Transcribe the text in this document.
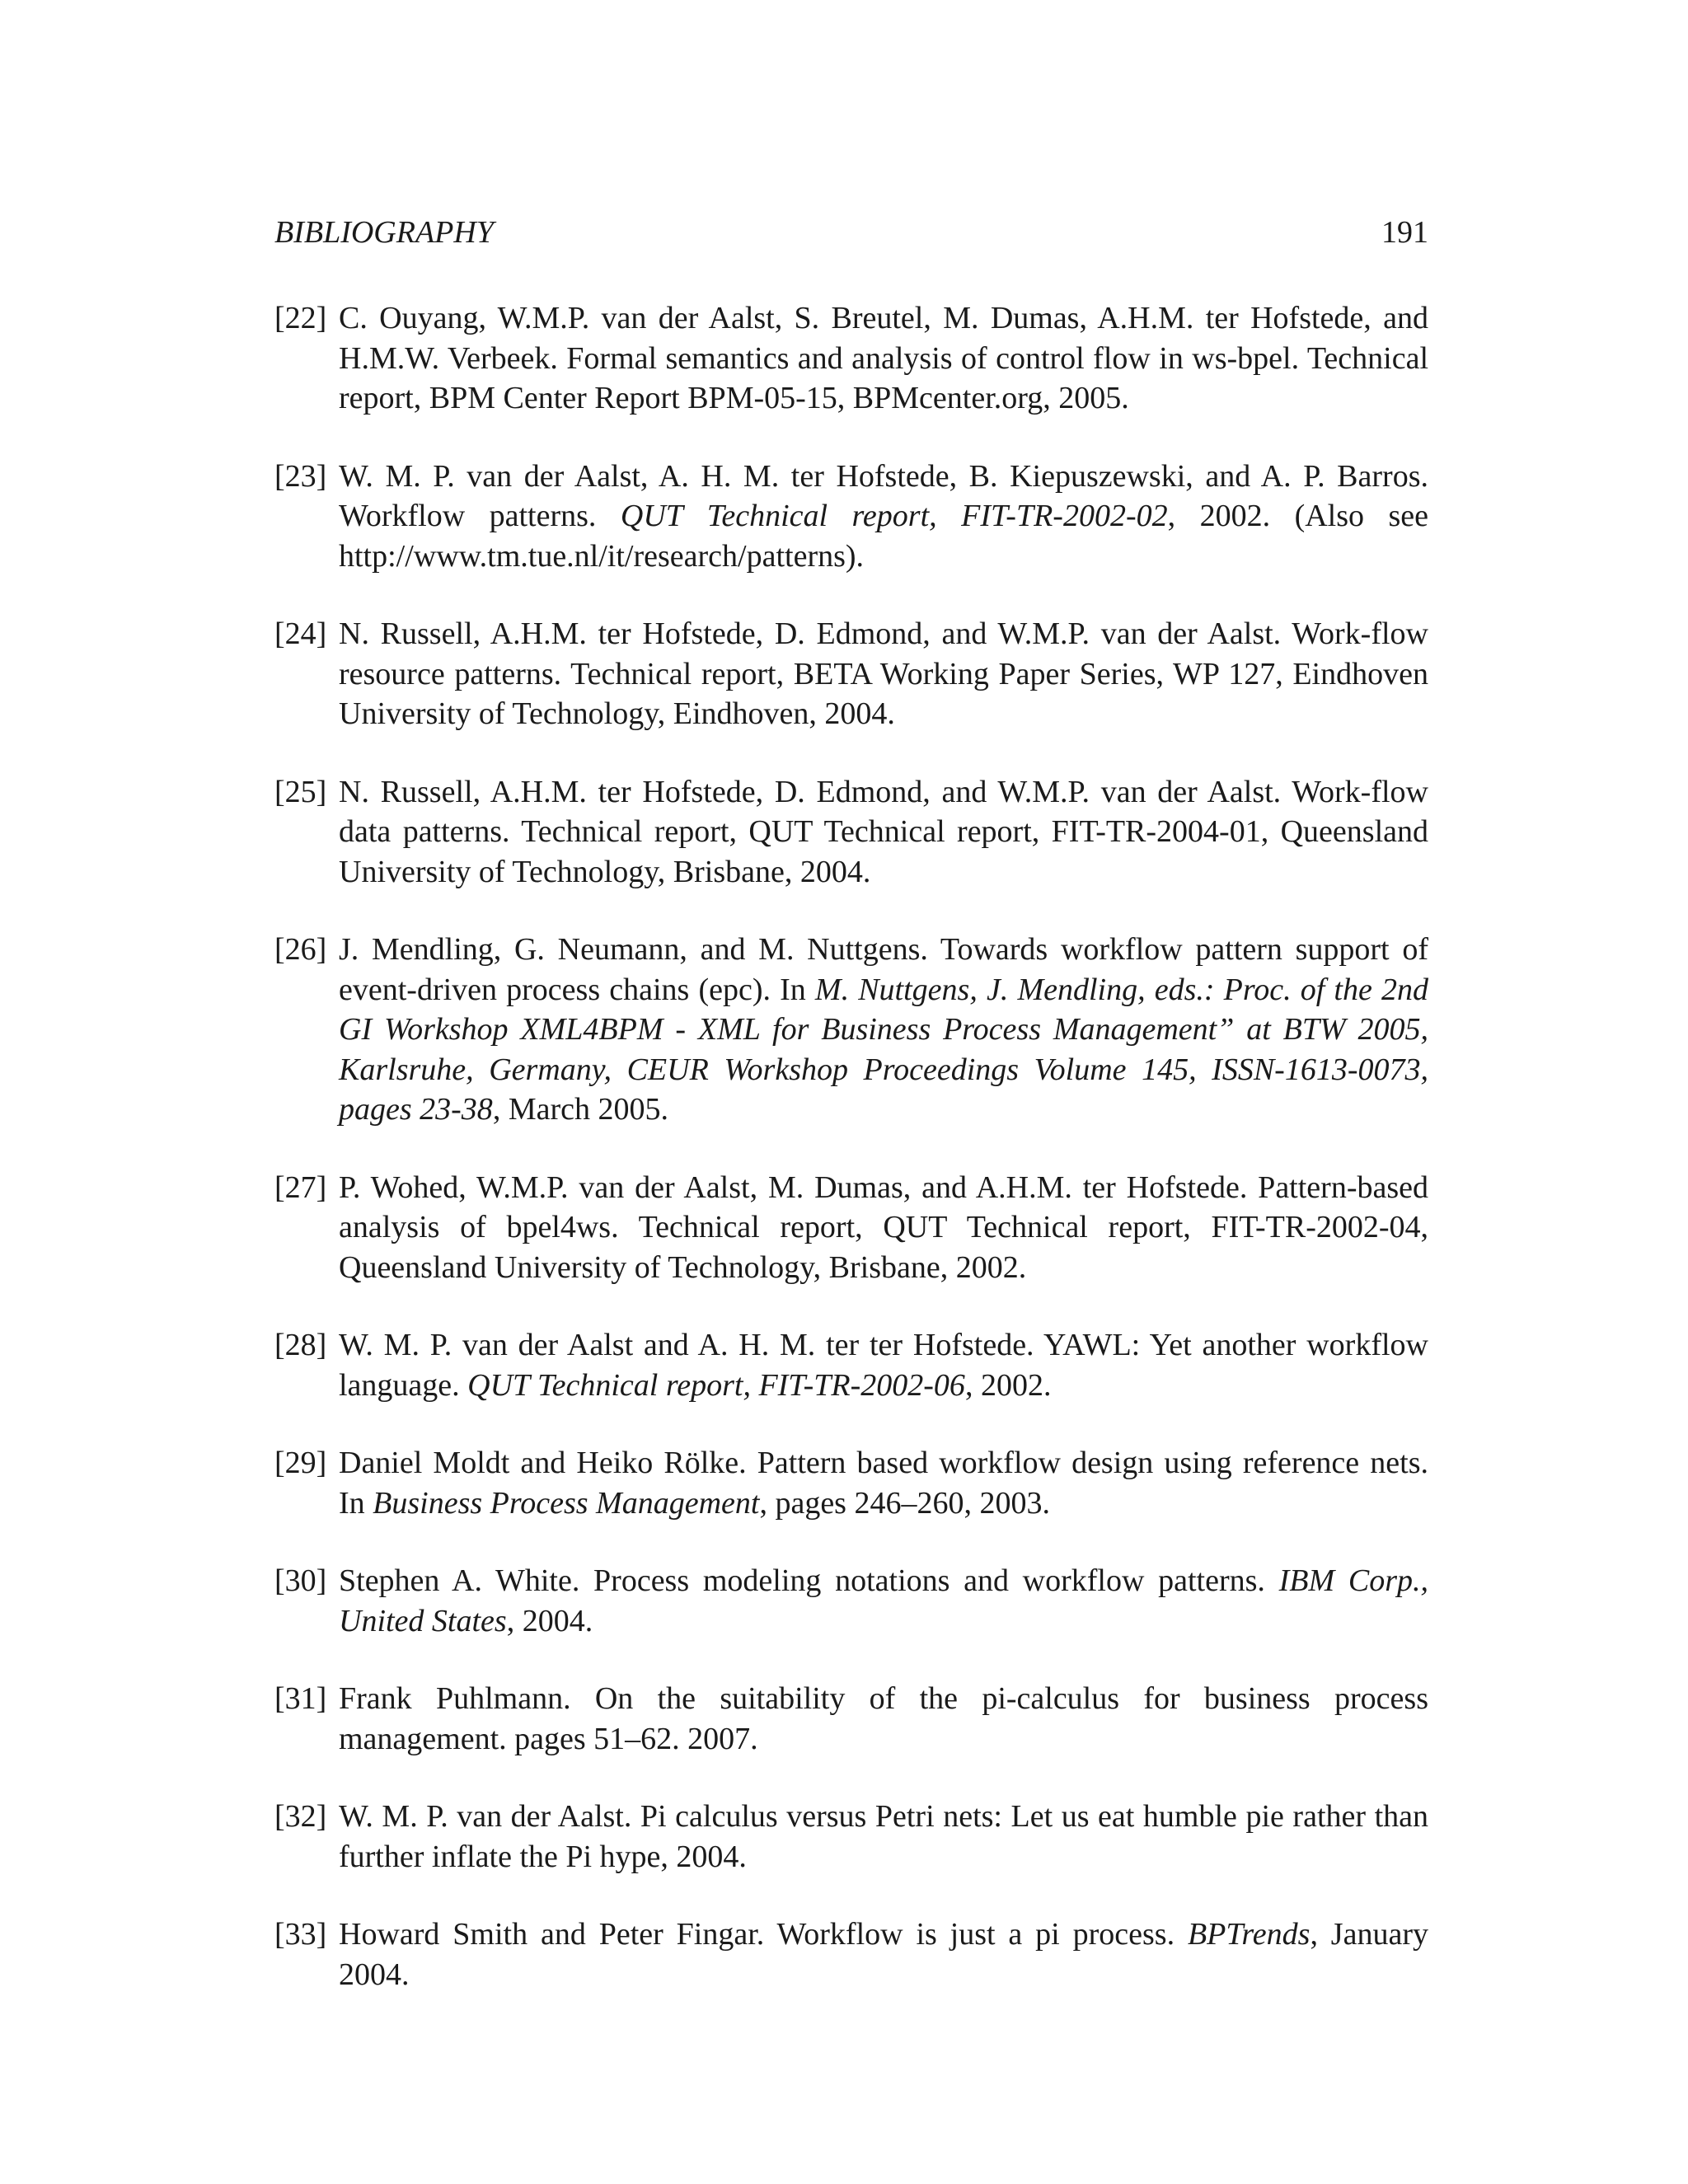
BIBLIOGRAPHY	191
[22] C. Ouyang, W.M.P. van der Aalst, S. Breutel, M. Dumas, A.H.M. ter Hofstede, and H.M.W. Verbeek. Formal semantics and analysis of control flow in ws-bpel. Technical report, BPM Center Report BPM-05-15, BPMcenter.org, 2005.
[23] W. M. P. van der Aalst, A. H. M. ter Hofstede, B. Kiepuszewski, and A. P. Barros. Workflow patterns. QUT Technical report, FIT-TR-2002-02, 2002. (Also see http://www.tm.tue.nl/it/research/patterns).
[24] N. Russell, A.H.M. ter Hofstede, D. Edmond, and W.M.P. van der Aalst. Work-flow resource patterns. Technical report, BETA Working Paper Series, WP 127, Eindhoven University of Technology, Eindhoven, 2004.
[25] N. Russell, A.H.M. ter Hofstede, D. Edmond, and W.M.P. van der Aalst. Work-flow data patterns. Technical report, QUT Technical report, FIT-TR-2004-01, Queensland University of Technology, Brisbane, 2004.
[26] J. Mendling, G. Neumann, and M. Nuttgens. Towards workflow pattern support of event-driven process chains (epc). In M. Nuttgens, J. Mendling, eds.: Proc. of the 2nd GI Workshop XML4BPM - XML for Business Process Management” at BTW 2005, Karlsruhe, Germany, CEUR Workshop Proceedings Volume 145, ISSN-1613-0073, pages 23-38, March 2005.
[27] P. Wohed, W.M.P. van der Aalst, M. Dumas, and A.H.M. ter Hofstede. Pattern-based analysis of bpel4ws. Technical report, QUT Technical report, FIT-TR-2002-04, Queensland University of Technology, Brisbane, 2002.
[28] W. M. P. van der Aalst and A. H. M. ter ter Hofstede. YAWL: Yet another workflow language. QUT Technical report, FIT-TR-2002-06, 2002.
[29] Daniel Moldt and Heiko Rölke. Pattern based workflow design using reference nets. In Business Process Management, pages 246–260, 2003.
[30] Stephen A. White. Process modeling notations and workflow patterns. IBM Corp., United States, 2004.
[31] Frank Puhlmann. On the suitability of the pi-calculus for business process management. pages 51–62. 2007.
[32] W. M. P. van der Aalst. Pi calculus versus Petri nets: Let us eat humble pie rather than further inflate the Pi hype, 2004.
[33] Howard Smith and Peter Fingar. Workflow is just a pi process. BPTrends, January 2004.
